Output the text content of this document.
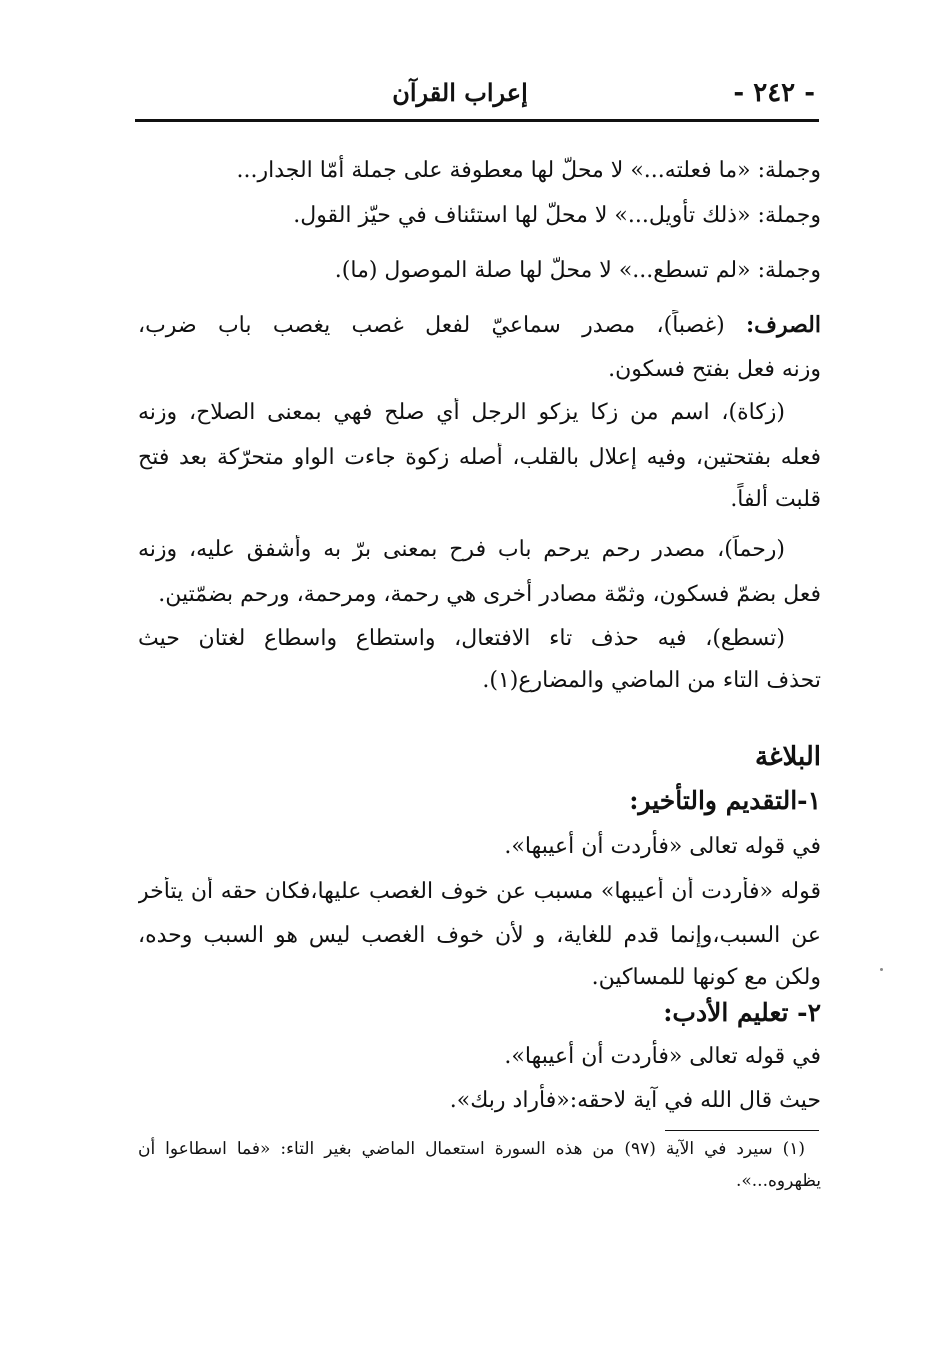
- ٢٤٢ -
إعراب القرآن
وجملة: «ما فعلته...» لا محلّ لها معطوفة على جملة أمّا الجدار...
وجملة: «ذلك تأويل...» لا محلّ لها استئناف في حيّز القول.
وجملة: «لم تسطع...» لا محلّ لها صلة الموصول (ما).
الصرف: (غصباً)، مصدر سماعيّ لفعل غصب يغصب باب ضرب،
وزنه فعل بفتح فسكون.
(زكاة)، اسم من زكا يزكو الرجل أي صلح فهي بمعنى الصلاح، وزنه
فعله بفتحتين، وفيه إعلال بالقلب، أصله زكوة جاءت الواو متحرّكة بعد فتح
قلبت ألفاً.
(رحماً)، مصدر رحم يرحم باب فرح بمعنى برّ به وأشفق عليه، وزنه
فعل بضمّ فسكون، وثمّة مصادر أخرى هي رحمة، ومرحمة، ورحم بضمّتين.
(تسطع)، فيه حذف تاء الافتعال، واستطاع واسطاع لغتان حيث
تحذف التاء من الماضي والمضارع(١).
البلاغة
١-التقديم والتأخير:
في قوله تعالى «فأردت أن أعيبها».
قوله «فأردت أن أعيبها» مسبب عن خوف الغصب عليها،فكان حقه أن يتأخر
عن السبب،وإنما قدم للغاية، و لأن خوف الغصب ليس هو السبب وحده،
ولكن مع كونها للمساكين.
٢- تعليم الأدب:
في قوله تعالى «فأردت أن أعيبها».
حيث قال الله في آية لاحقه:«فأراد ربك».
(١) سيرد في الآية (٩٧) من هذه السورة استعمال الماضي بغير التاء: «فما اسطاعوا أن
يظهروه...».
